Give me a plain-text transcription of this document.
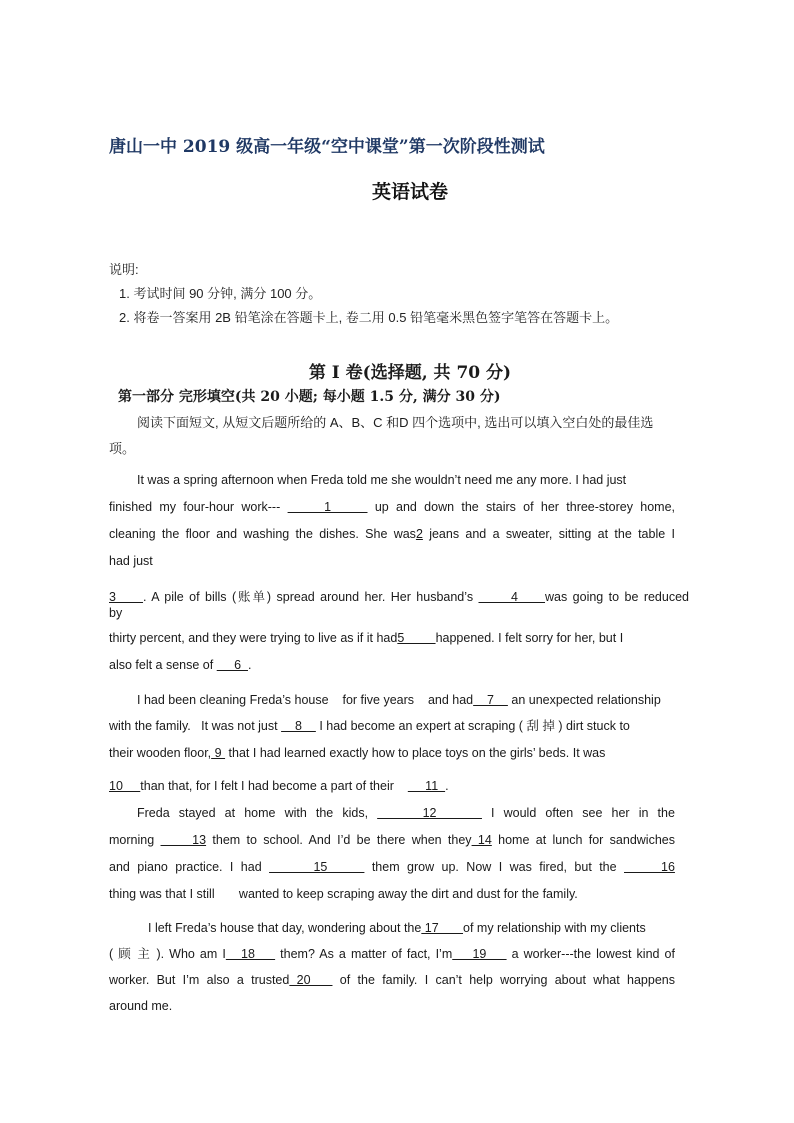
唐山一中 2019 级高一年级“空中课堂”第一次阶段性测试
英语试卷
说明:
1. 考试时间 90 分钟, 满分 100 分。
2. 将卷一答案用 2B 铅笔涂在答题卡上, 卷二用 0.5 铅笔毫米黑色签字笔答在答题卡上。
第 I 卷(选择题, 共 70 分)
第一部分 完形填空(共 20 小题; 每小题 1.5 分, 满分 30 分)
阅读下面短文, 从短文后题所给的 A、B、C 和D 四个选项中, 选出可以填入空白处的最佳选项。
It was a spring afternoon when Freda told me she wouldn’t need me any more. I had just
finished my four-hour work---      1      up and down the stairs of her three-storey home,
cleaning the floor and washing the dishes. She was2 jeans and a sweater, sitting at the table I
had just
3     . A pile of bills (账单) spread around her. Her husband’s       4     was going to be reduced
by
thirty percent, and they were trying to live as if it had5         happened. I felt sorry for her, but I
also felt a sense of      6  .
I had been cleaning Freda’s house for five years and had    7     an unexpected relationship
with the family. It was not just     8     I had become an expert at scraping ( 刮 掉 ) dirt stuck to
their wooden floor, 9  that I had learned exactly how to place toys on the girls’ beds. It was
10     than that, for I felt I had become a part of their         11  .
Freda stayed at home with the kids,      12      I would often see her in the
morning      13 them to school. And I’d be there when they 14 home at lunch for sandwiches
and piano practice. I had       15      them grow up. Now I was fired, but the      16
thing was that I still wanted to keep scraping away the dirt and dust for the family.
I left Freda’s house that day, wondering about the 17       of my relationship with my clients
( 顾 主 ). Who am I   18     them? As a matter of fact, I’m    19     a worker---the lowest kind of
worker. But I’m also a trusted 20    of the family. I can’t help worrying about what happens
around me.
